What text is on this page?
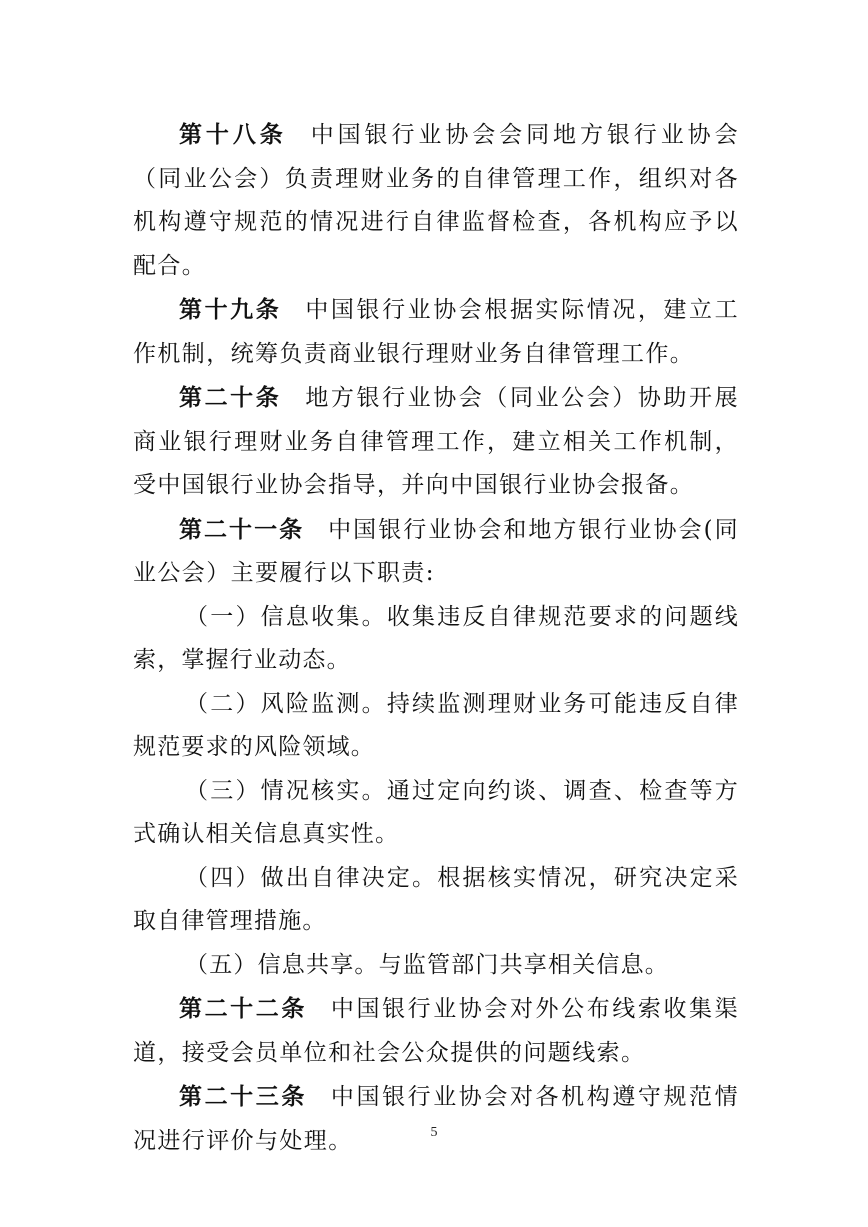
第十八条 中国银行业协会会同地方银行业协会（同业公会）负责理财业务的自律管理工作，组织对各机构遵守规范的情况进行自律监督检查，各机构应予以配合。

第十九条 中国银行业协会根据实际情况，建立工作机制，统筹负责商业银行理财业务自律管理工作。

第二十条 地方银行业协会（同业公会）协助开展商业银行理财业务自律管理工作，建立相关工作机制，受中国银行业协会指导，并向中国银行业协会报备。

第二十一条 中国银行业协会和地方银行业协会(同业公会）主要履行以下职责:

（一）信息收集。收集违反自律规范要求的问题线索，掌握行业动态。

（二）风险监测。持续监测理财业务可能违反自律规范要求的风险领域。

（三）情况核实。通过定向约谈、调查、检查等方式确认相关信息真实性。

（四）做出自律决定。根据核实情况，研究决定采取自律管理措施。

（五）信息共享。与监管部门共享相关信息。

第二十二条 中国银行业协会对外公布线索收集渠道，接受会员单位和社会公众提供的问题线索。

第二十三条 中国银行业协会对各机构遵守规范情况进行评价与处理。	5
